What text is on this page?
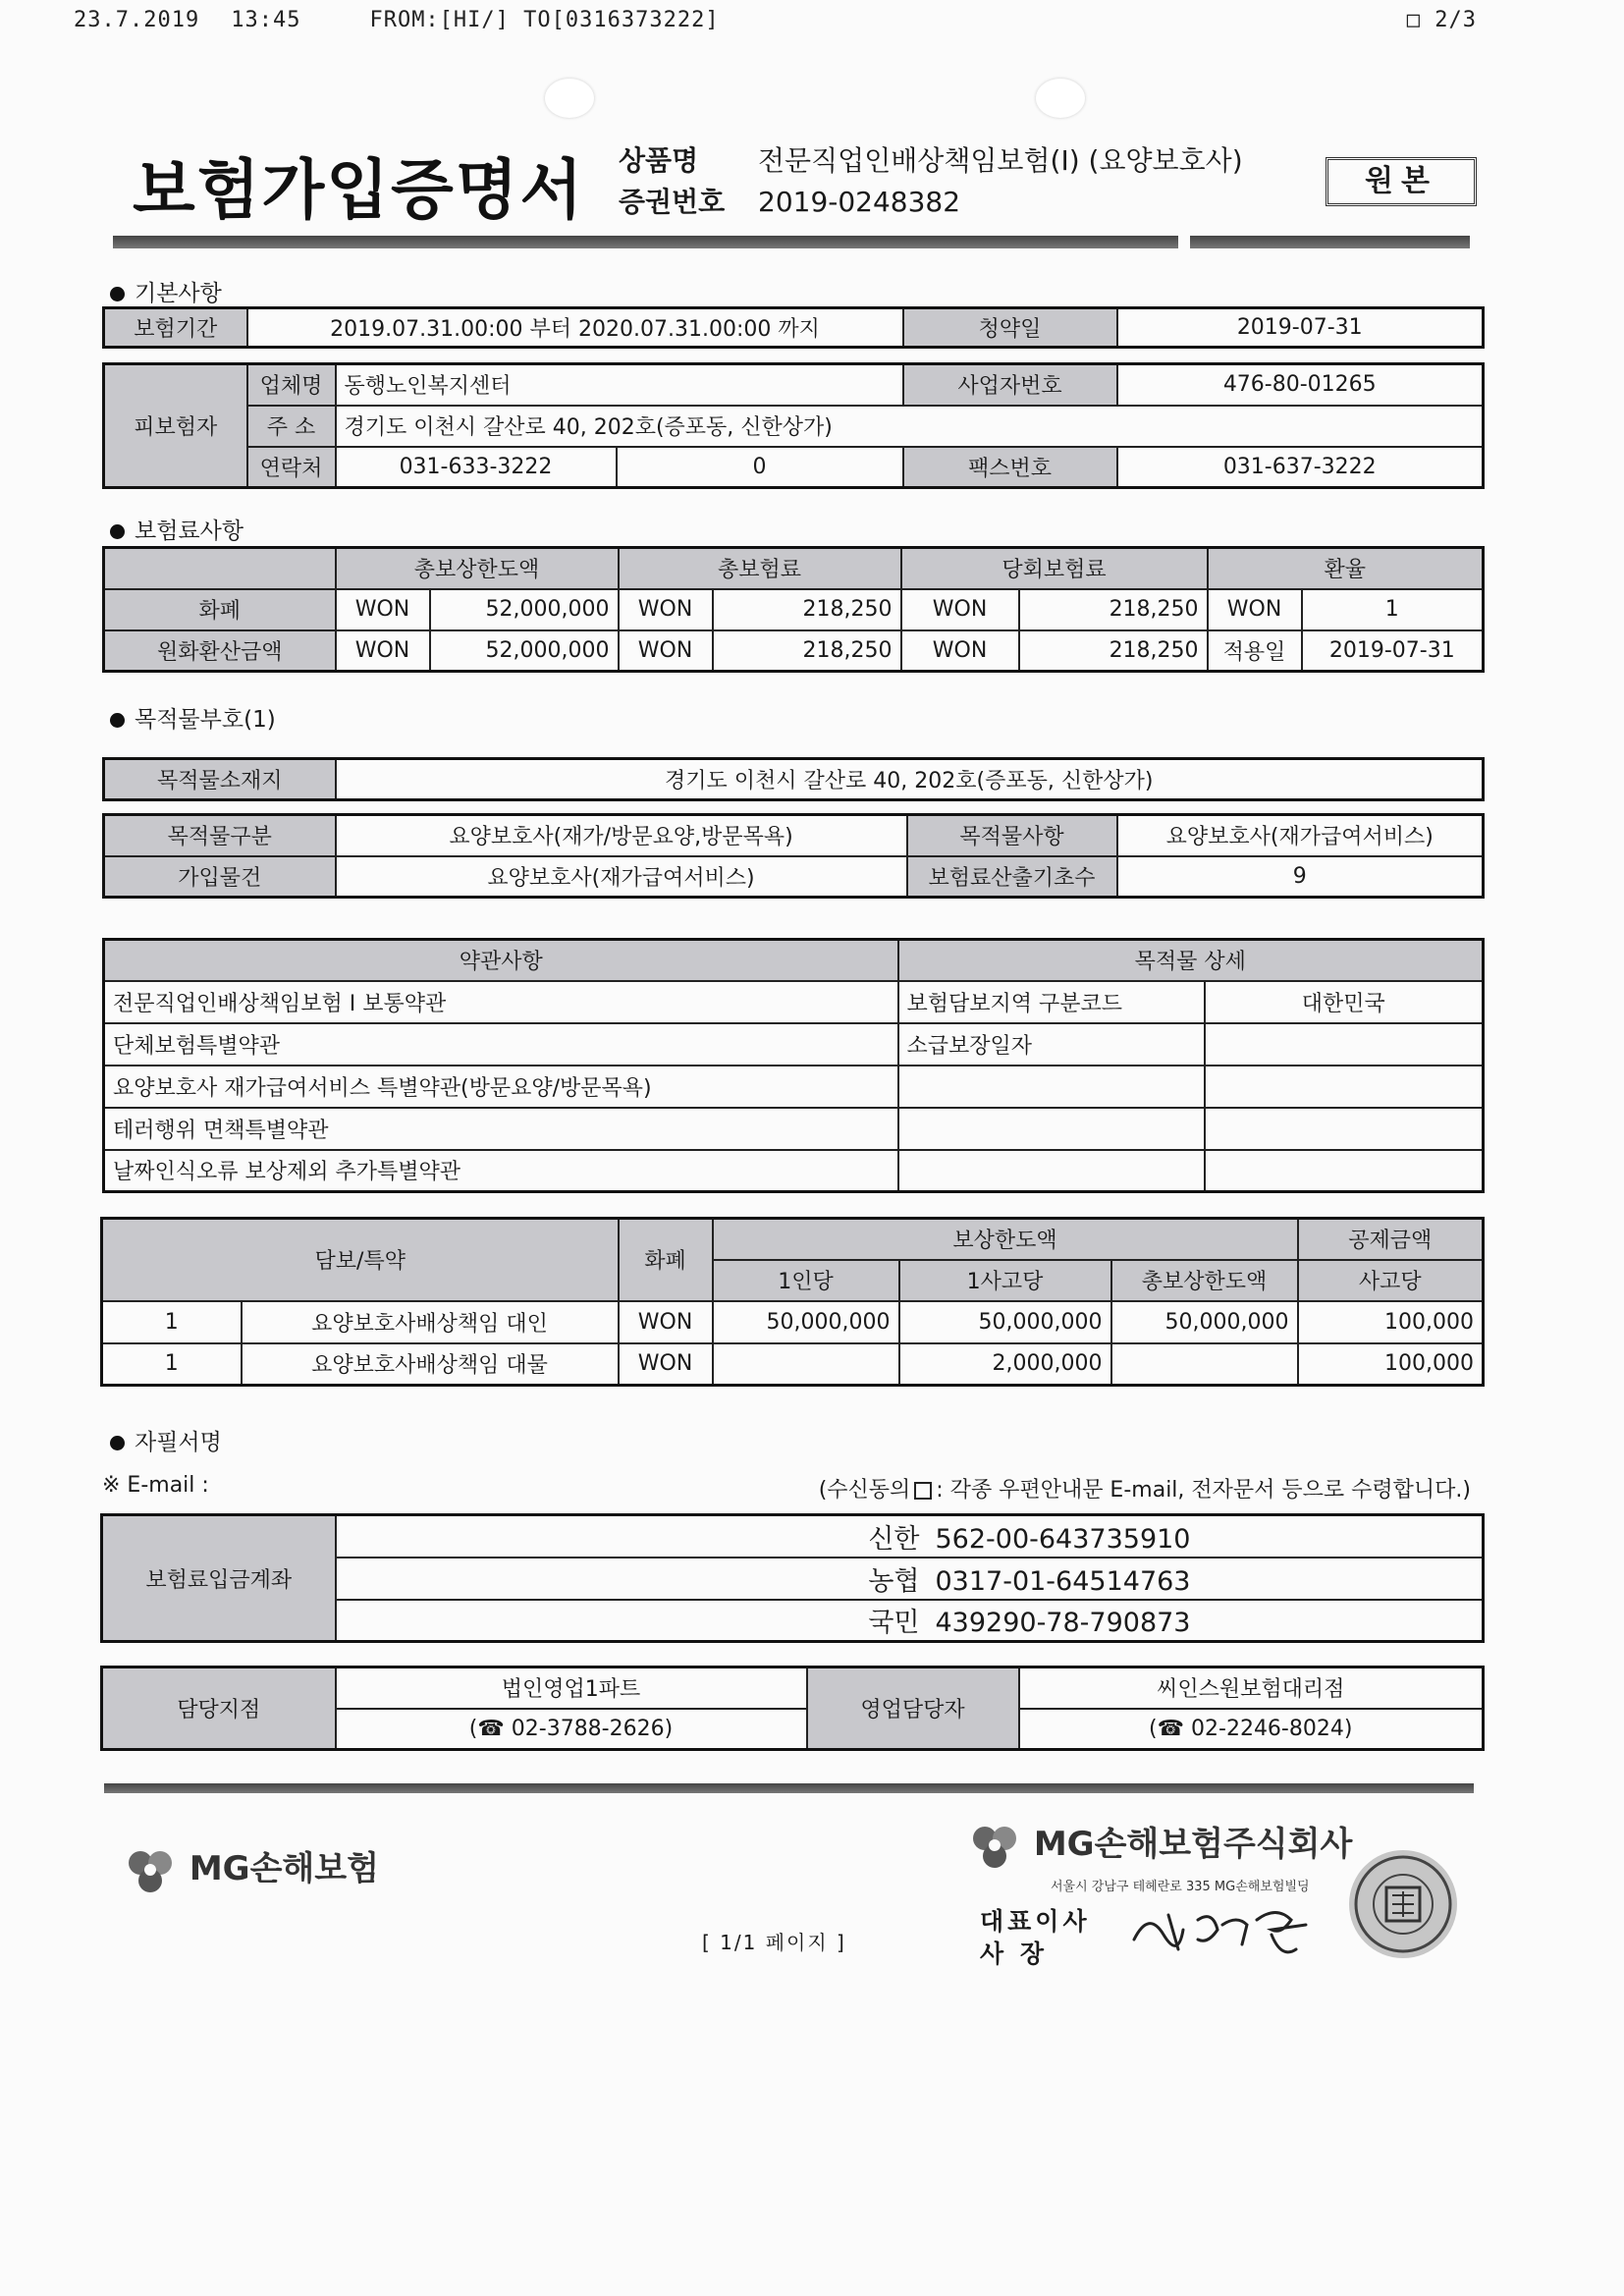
23.7.2019 13:45	FROM:[HI/] TO[0316373222]	□ 2/3
보험가입증명서 상품명 전문직업인배상책임보험(I) (요양보호사)
증권번호 2019-0248382
원본
기본사항
보험기간	2019.07.31.00:00 부터 2020.07.31.00:00 까지	청약일	2019-07-31
피보험자	업체명	동행노인복지센터		사업자번호	476-80-01265
	주 소	경기도 이천시 갈산로 40, 202호(증포동, 신한상가)			
	연락처	031-633-3222	0	팩스번호	031-637-3222
보험료사항
	총보상한도액		총보험료		당회보험료		환율	
화폐	WON	52,000,000	WON	218,250	WON	218,250	WON	1
원화환산금액	WON	52,000,000	WON	218,250	WON	218,250	적용일	2019-07-31
목적물부호(1)
목적물소재지	경기도 이천시 갈산로 40, 202호(증포동, 신한상가)
목적물구분	요양보호사(재가/방문요양,방문목욕)	목적물사항	요양보호사(재가급여서비스)
가입물건	요양보호사(재가급여서비스)	보험료산출기초수	9
약관사항	목적물 상세	
전문직업인배상책임보험 I 보통약관	보험담보지역 구분코드	대한민국
단체보험특별약관	소급보장일자	
요양보호사 재가급여서비스 특별약관(방문요양/방문목욕)		
테러행위 면책특별약관		
날짜인식오류 보상제외 추가특별약관		
담보/특약		화폐	보상한도액			공제금액
			1인당	1사고당	총보상한도액	사고당
1	요양보호사배상책임 대인	WON	50,000,000	50,000,000	50,000,000	100,000
1	요양보호사배상책임 대물	WON		2,000,000		100,000
자필서명
※ E-mail :	(수신동의 : 각종 우편안내문 E-mail, 전자문서 등으로 수령합니다.)
보험료입금계좌	신한 562-00-643735910
농협 0317-01-64514763
국민 439290-78-790873
담당지점	법인영업1파트	영업담당자	씨인스원보험대리점
	(☎ 02-3788-2626)		(☎ 02-2246-8024)
MG손해보험
MG손해보험주식회사
서울시 강남구 테헤란로 335 MG손해보험빌딩
[ 1/1 페이지 ]
대표이사
사 장
